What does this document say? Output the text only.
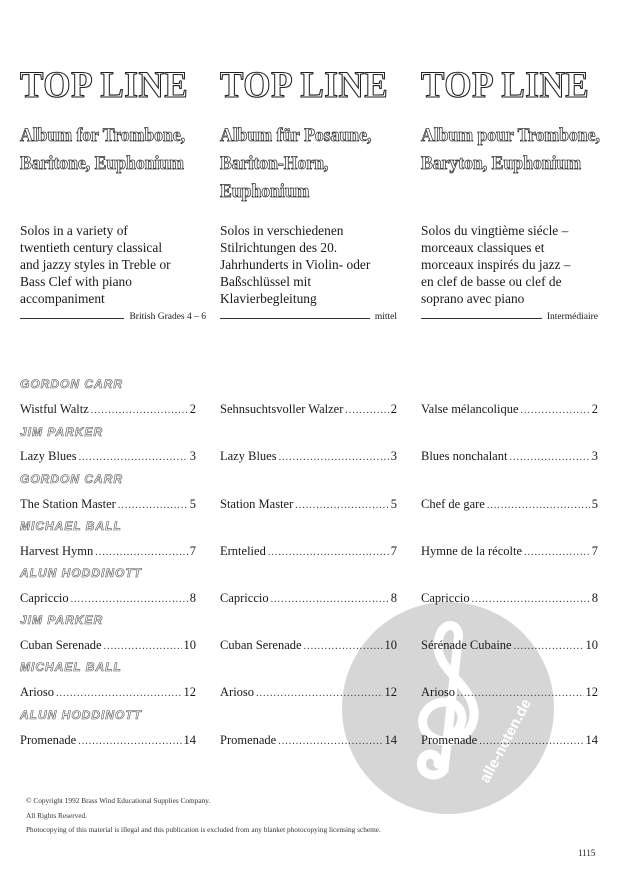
TOP LINE
Album for Trombone,
Baritone, Euphonium
Solos in a variety of
twentieth century classical
and jazzy styles in Treble or
Bass Clef with piano
accompaniment
British Grades 4 – 6
TOP LINE
Album für Posaune,
Bariton-Horn, Euphonium
Solos in verschiedenen
Stilrichtungen des 20.
Jahrhunderts in Violin- oder
Baßschlüssel mit
Klavierbegleitung
mittel
TOP LINE
Album pour Trombone,
Baryton, Euphonium
Solos du vingtième siécle –
morceaux classiques et
morceaux inspirés du jazz –
en clef de basse ou clef de
soprano avec piano
Intermédiaire
alle-noten.de
GORDON CARR
Wistful Waltz .....	2 Sehnsuchtsvoller Walzer .....	2 Valse mélancolique .....	2
JIM PARKER
Lazy Blues .....	3 Lazy Blues .....	3 Blues nonchalant .....	3
GORDON CARR
The Station Master .....	5 Station Master .....	5 Chef de gare .....	5
MICHAEL BALL
Harvest Hymn .....	7 Erntelied .....	7 Hymne de la récolte .....	7
ALUN HODDINOTT
Capriccio .....	8 Capriccio .....	8 Capriccio .....	8
JIM PARKER
Cuban Serenade .....	10 Cuban Serenade .....	10 Sérénade Cubaine .....	10
MICHAEL BALL
Arioso .....	12 Arioso .....	12 Arioso .....	12
ALUN HODDINOTT
Promenade .....	14 Promenade .....	14 Promenade .....	14
© Copyright 1992 Brass Wind Educational Supplies Company.
All Rights Reserved.
Photocopying of this material is illegal and this publication is excluded from any blanket photocopying licensing scheme.
1115
